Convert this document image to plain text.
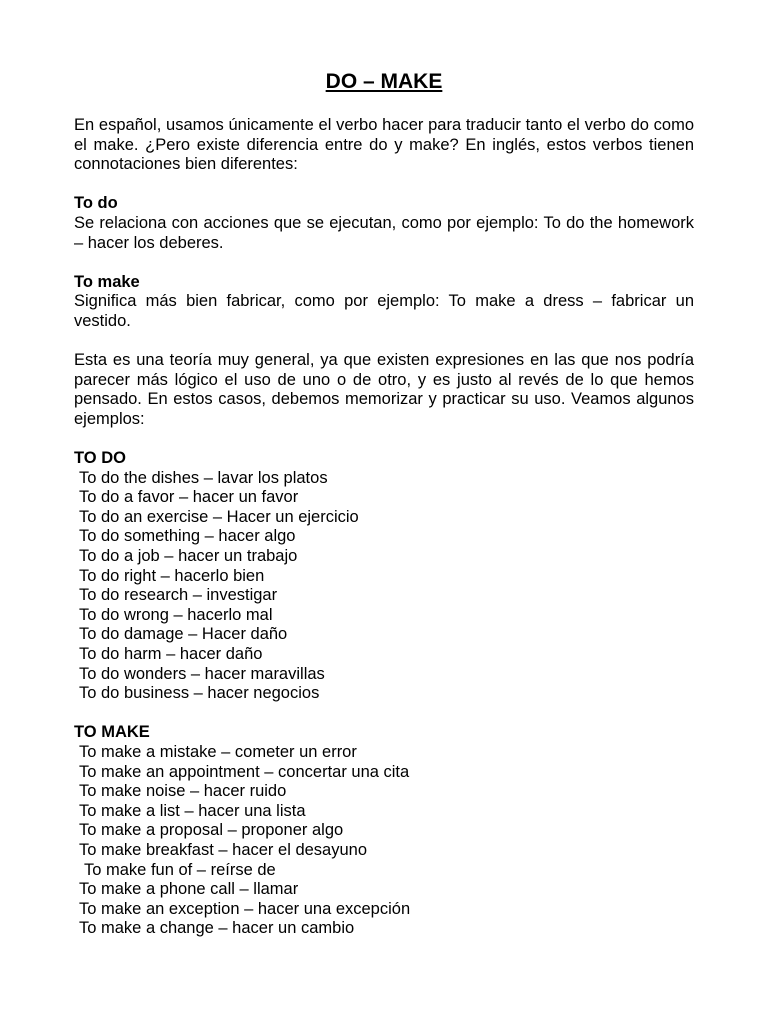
DO – MAKE

En español, usamos únicamente el verbo hacer para traducir tanto el verbo do como el make. ¿Pero existe diferencia entre do y make? En inglés, estos verbos tienen connotaciones bien diferentes:

To do

Se relaciona con acciones que se ejecutan, como por ejemplo: To do the homework – hacer los deberes.

To make

Significa más bien fabricar, como por ejemplo: To make a dress – fabricar un vestido.

Esta es una teoría muy general, ya que existen expresiones en las que nos podría parecer más lógico el uso de uno o de otro, y es justo al revés de lo que hemos pensado. En estos casos, debemos memorizar y practicar su uso. Veamos algunos ejemplos:

TO DO

To do the dishes – lavar los platos
To do a favor – hacer un favor
To do an exercise – Hacer un ejercicio
To do something – hacer algo
To do a job – hacer un trabajo
To do right – hacerlo bien
To do research – investigar
To do wrong – hacerlo mal
To do damage – Hacer daño
To do harm – hacer daño
To do wonders – hacer maravillas
To do business – hacer negocios

TO MAKE

To make a mistake – cometer un error
To make an appointment – concertar una cita
To make noise – hacer ruido
To make a list – hacer una lista
To make a proposal – proponer algo
To make breakfast – hacer el desayuno
To make fun of – reírse de
To make a phone call – llamar
To make an exception – hacer una excepción
To make a change – hacer un cambio
